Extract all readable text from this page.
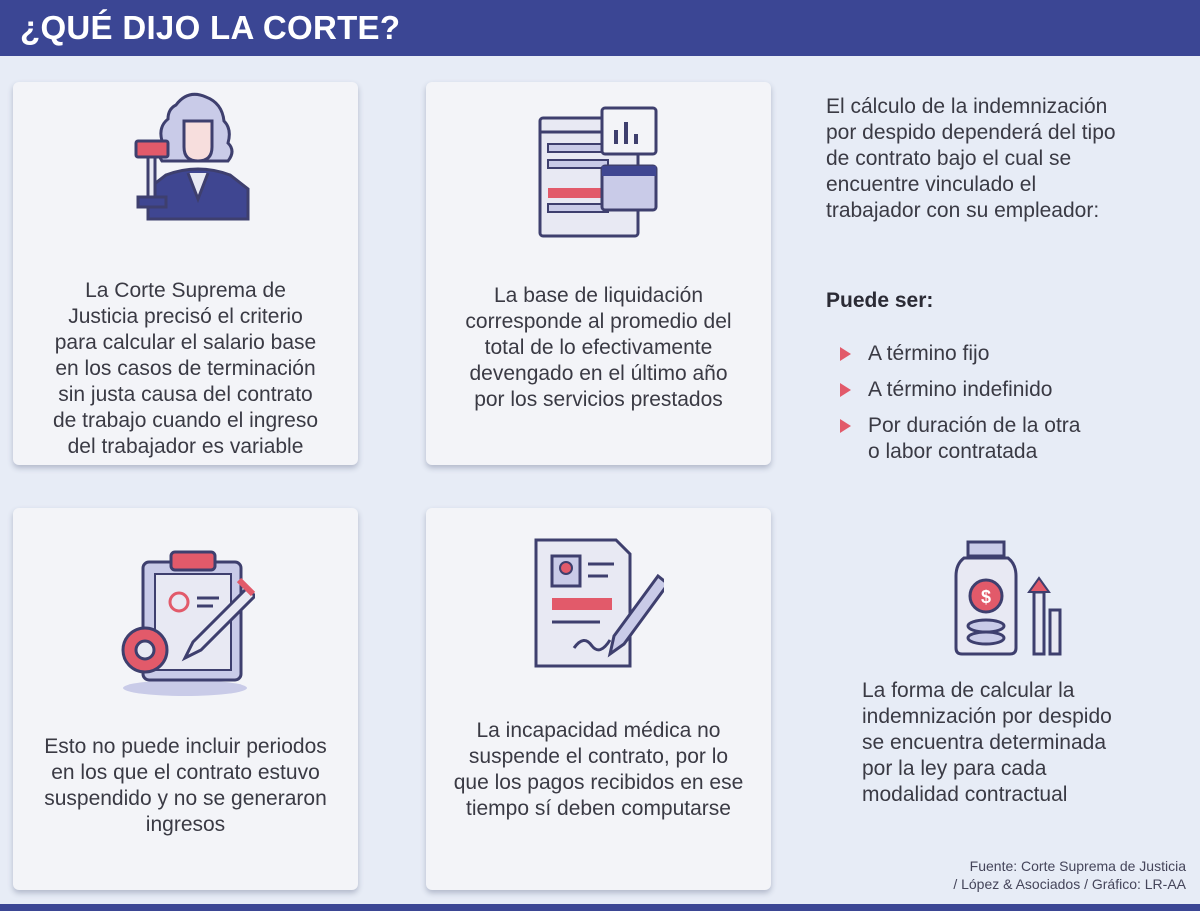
¿QUÉ DIJO LA CORTE?
La Corte Suprema de
Justicia precisó el criterio
para calcular el salario base
en los casos de terminación
sin justa causa del contrato
de trabajo cuando el ingreso
del trabajador es variable
La base de liquidación
corresponde al promedio del
total de lo efectivamente
devengado en el último año
por los servicios prestados
Esto no puede incluir periodos
en los que el contrato estuvo
suspendido y no se generaron
ingresos
La incapacidad médica no
suspende el contrato, por lo
que los pagos recibidos en ese
tiempo sí deben computarse
El cálculo de la indemnización
por despido dependerá del tipo
de contrato bajo el cual se
encuentre vinculado el
trabajador con su empleador:
Puede ser:
A término fijo
A término indefinido
Por duración de la otra
o labor contratada
$
La forma de calcular la
indemnización por despido
se encuentra determinada
por la ley para cada
modalidad contractual
Fuente: Corte Suprema de Justicia
/ López & Asociados / Gráfico: LR-AA
